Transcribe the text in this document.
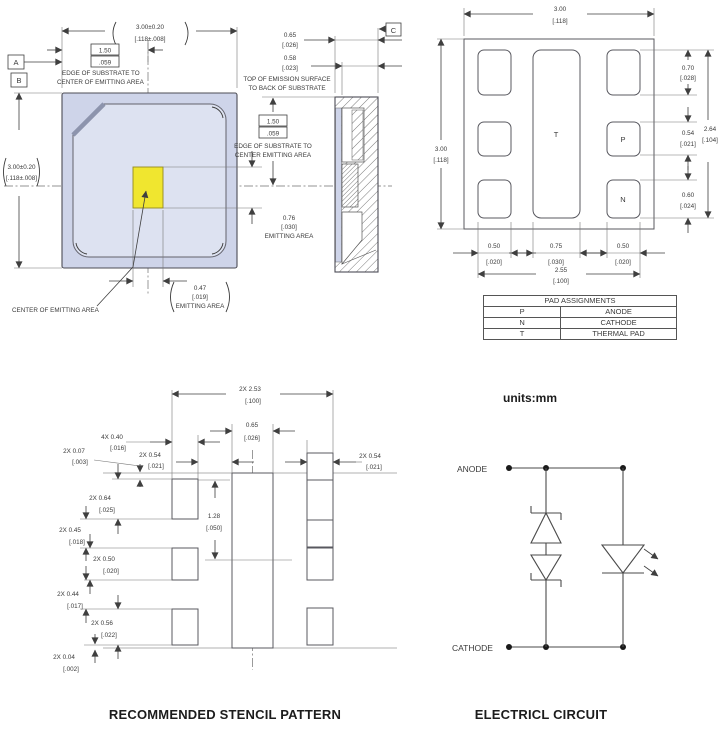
3.00±0.20
[.118±.008]
1.50
.059
EDGE OF SUBSTRATE TO
CENTER OF EMITTING AREA
A
B
3.00±0.20
[.118±.008]
0.47
[.019]
EMITTING AREA
CENTER OF EMITTING AREA
0.76
[.030]
EMITTING AREA
0.65
[.026]
C
0.58
[.023]
TOP OF EMISSION SURFACE
TO BACK OF SUBSTRATE
1.50
.059
EDGE OF SUBSTRATE TO
CENTER EMITTING AREA
T
P
N
3.00
[.118]
3.00
[.118]
0.70
[.028]
0.54
[.021]
2.64
[.104]
0.60
[.024]
0.50
[.020]
0.75
[.030]
0.50
[.020]
2.55
[.100]
2X 2.53
[.100]
0.65
[.026]
4X 0.40
[.016]
2X 0.54
[.021]
2X 0.54
[.021]
2X 0.07
[.003]
1.28
[.050]
2X 0.64
[.025]
2X 0.45
[.018]
2X 0.50
[.020]
2X 0.44
[.017]
2X 0.56
[.022]
2X 0.04
[.002]
ANODE
CATHODE
PAD ASSIGNMENTS	
P	ANODE
N	CATHODE
T	THERMAL PAD
units:mm
RECOMMENDED STENCIL PATTERN	ELECTRICL CIRCUIT
